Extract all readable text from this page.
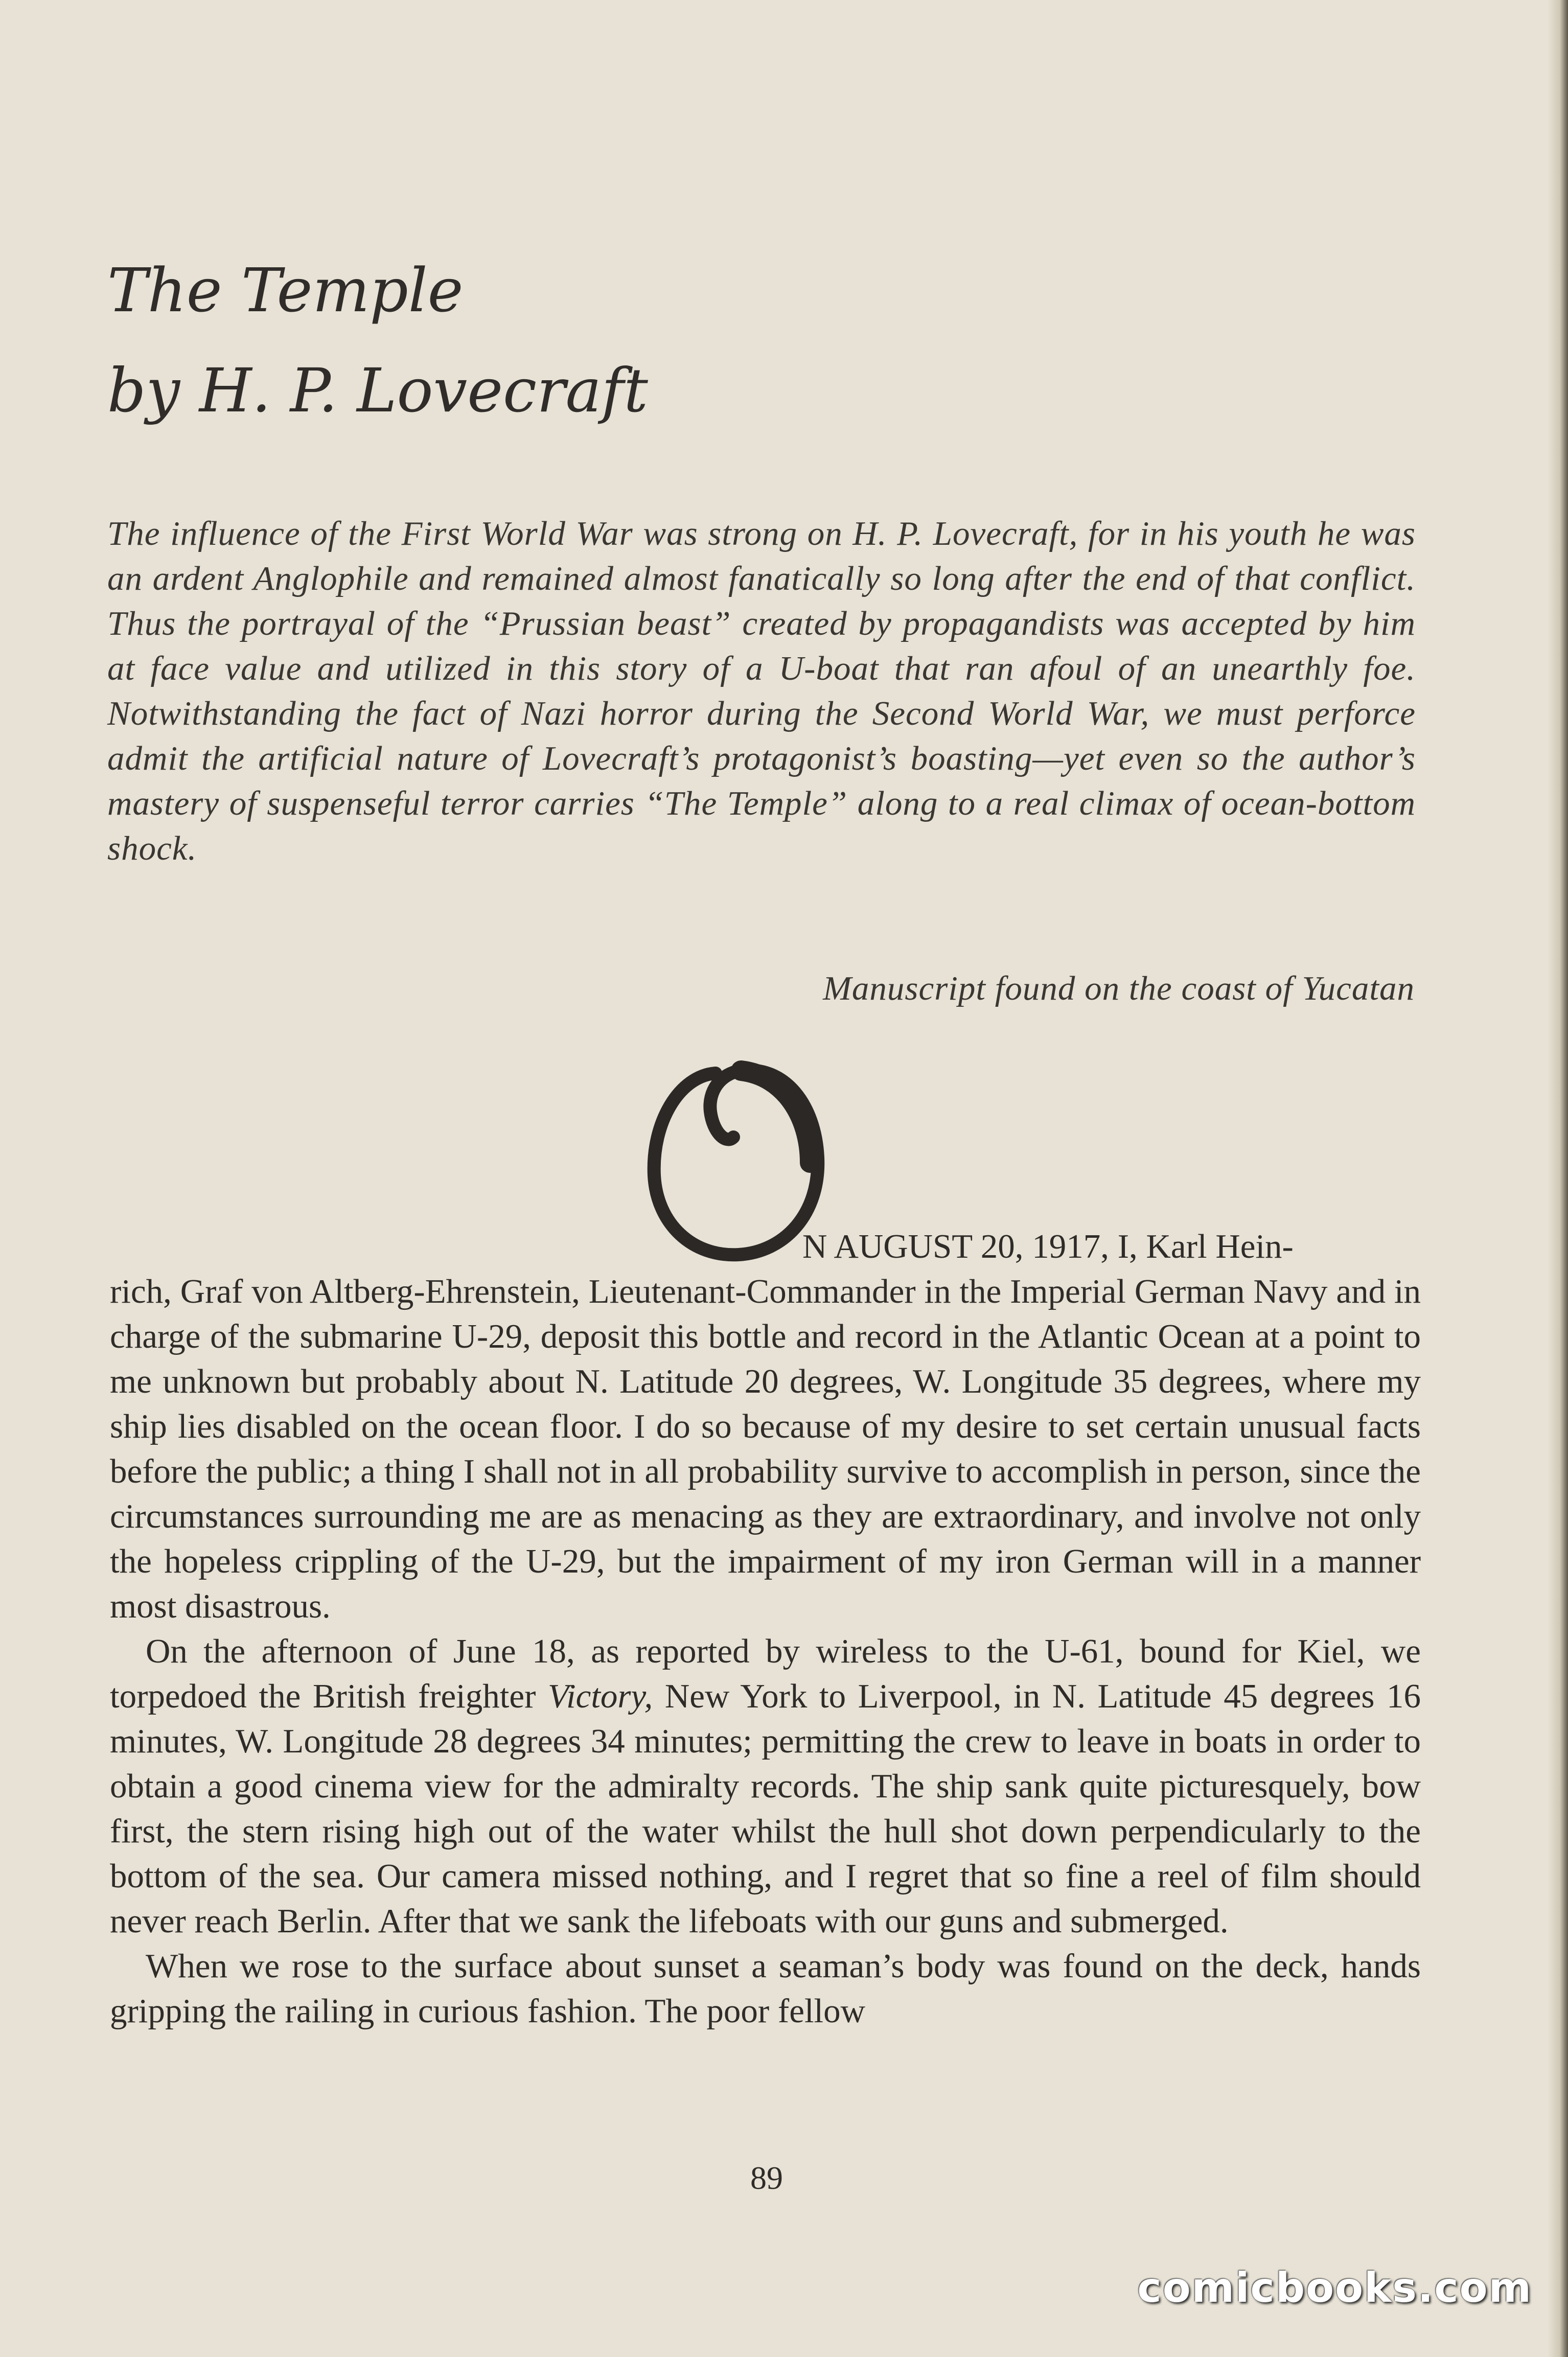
The Temple
by H. P. Lovecraft
The influence of the First World War was strong on H. P. Lovecraft, for in his youth he was an ardent Anglophile and remained almost fanatically so long after the end of that conflict. Thus the portrayal of the “Prussian beast” created by propagandists was accepted by him at face value and utilized in this story of a U-boat that ran afoul of an unearthly foe. Notwithstanding the fact of Nazi horror during the Second World War, we must perforce admit the artificial nature of Lovecraft’s protagonist’s boasting—yet even so the author’s mastery of suspenseful terror carries “The Temple” along to a real climax of ocean-bottom shock.
Manuscript found on the coast of Yucatan
O
N AUGUST 20, 1917, I, Karl Hein-

rich, Graf von Altberg-Ehrenstein, Lieutenant-Commander in the Imperial German Navy and in charge of the submarine U-29, deposit this bottle and record in the Atlantic Ocean at a point to me unknown but probably about N. Latitude 20 degrees, W. Longitude 35 degrees, where my ship lies disabled on the ocean floor. I do so because of my desire to set certain unusual facts before the public; a thing I shall not in all probability survive to accomplish in person, since the circumstances surrounding me are as menacing as they are extraordinary, and involve not only the hopeless crippling of the U-29, but the impairment of my iron German will in a manner most disastrous.

On the afternoon of June 18, as reported by wireless to the U-61, bound for Kiel, we torpedoed the British freighter Victory, New York to Liverpool, in N. Latitude 45 degrees 16 minutes, W. Longitude 28 degrees 34 minutes; permitting the crew to leave in boats in order to obtain a good cinema view for the admiralty records. The ship sank quite picturesquely, bow first, the stern rising high out of the water whilst the hull shot down perpendicularly to the bottom of the sea. Our camera missed nothing, and I regret that so fine a reel of film should never reach Berlin. After that we sank the lifeboats with our guns and submerged.

When we rose to the surface about sunset a seaman’s body was found on the deck, hands gripping the railing in curious fashion. The poor fellow

89
comicbooks.com
